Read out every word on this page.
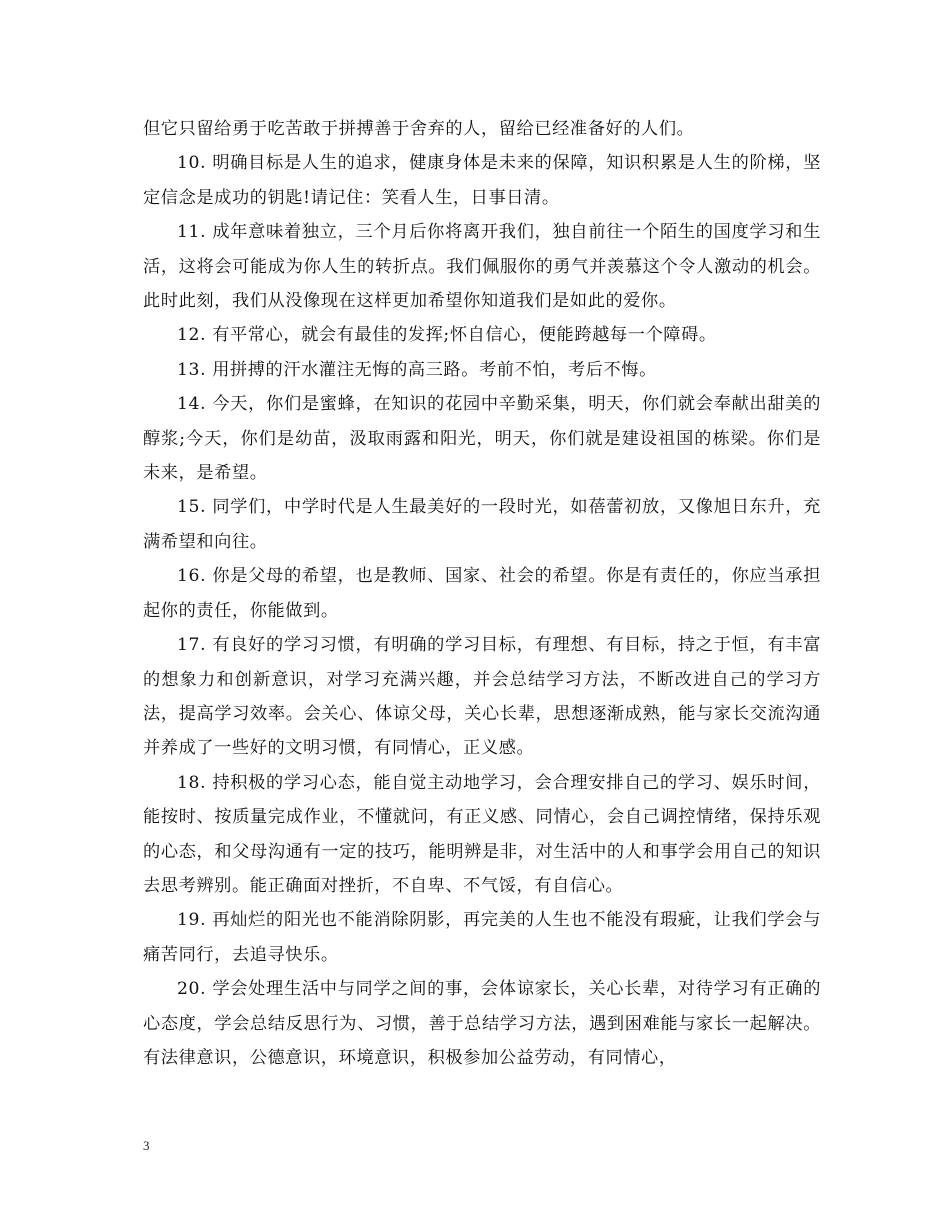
但它只留给勇于吃苦敢于拼搏善于舍弃的人，留给已经准备好的人们。

10. 明确目标是人生的追求，健康身体是未来的保障，知识积累是人生的阶梯，坚定信念是成功的钥匙!请记住：笑看人生，日事日清。

11. 成年意味着独立，三个月后你将离开我们，独自前往一个陌生的国度学习和生活，这将会可能成为你人生的转折点。我们佩服你的勇气并羡慕这个令人激动的机会。此时此刻，我们从没像现在这样更加希望你知道我们是如此的爱你。

12. 有平常心，就会有最佳的发挥;怀自信心，便能跨越每一个障碍。

13. 用拼搏的汗水灌注无悔的高三路。考前不怕，考后不悔。

14. 今天，你们是蜜蜂，在知识的花园中辛勤采集，明天，你们就会奉献出甜美的醇浆;今天，你们是幼苗，汲取雨露和阳光，明天，你们就是建设祖国的栋梁。你们是未来，是希望。

15. 同学们，中学时代是人生最美好的一段时光，如蓓蕾初放，又像旭日东升，充满希望和向往。

16. 你是父母的希望，也是教师、国家、社会的希望。你是有责任的，你应当承担起你的责任，你能做到。

17. 有良好的学习习惯，有明确的学习目标，有理想、有目标，持之于恒，有丰富的想象力和创新意识，对学习充满兴趣，并会总结学习方法，不断改进自己的学习方法，提高学习效率。会关心、体谅父母，关心长辈，思想逐渐成熟，能与家长交流沟通并养成了一些好的文明习惯，有同情心，正义感。

18. 持积极的学习心态，能自觉主动地学习，会合理安排自己的学习、娱乐时间，能按时、按质量完成作业，不懂就问，有正义感、同情心，会自己调控情绪，保持乐观的心态，和父母沟通有一定的技巧，能明辨是非，对生活中的人和事学会用自己的知识去思考辨别。能正确面对挫折，不自卑、不气馁，有自信心。

19. 再灿烂的阳光也不能消除阴影，再完美的人生也不能没有瑕疵，让我们学会与痛苦同行，去追寻快乐。

20. 学会处理生活中与同学之间的事，会体谅家长，关心长辈，对待学习有正确的心态度，学会总结反思行为、习惯，善于总结学习方法，遇到困难能与家长一起解决。有法律意识，公德意识，环境意识，积极参加公益劳动，有同情心，

3
